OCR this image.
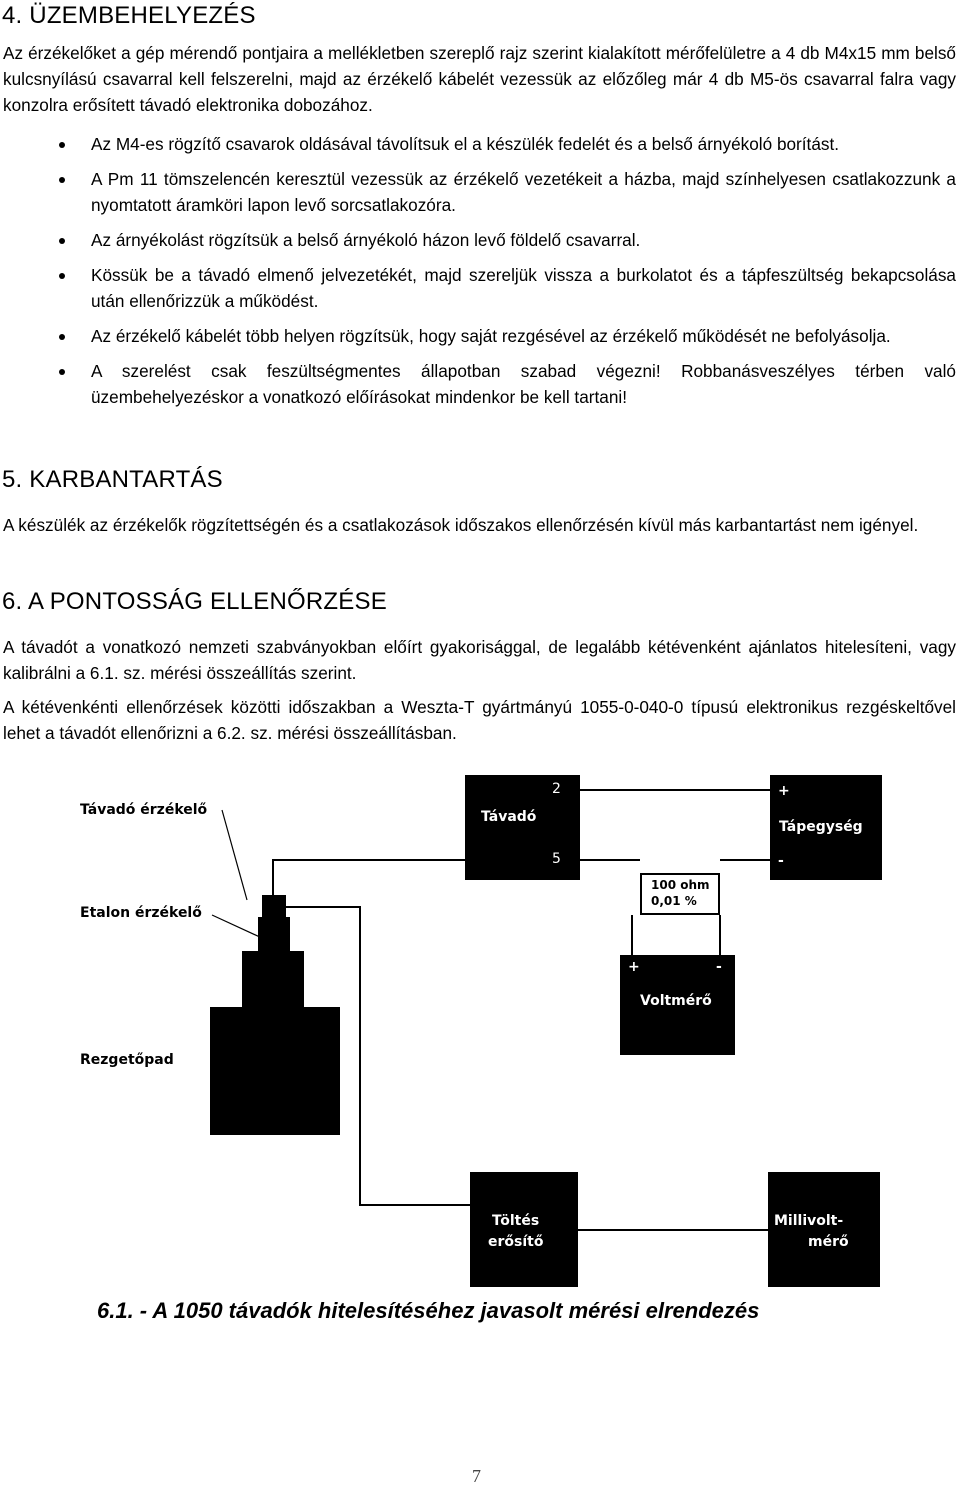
4. ÜZEMBEHELYEZÉS

Az érzékelőket a gép mérendő pontjaira a mellékletben szereplő rajz szerint kialakított mérőfelületre a 4 db M4x15 mm belső kulcsnyílású csavarral kell felszerelni, majd az érzékelő kábelét vezessük az előzőleg már 4 db M5-ös csavarral falra vagy konzolra erősített távadó elektronika dobozához.

Az M4-es rögzítő csavarok oldásával távolítsuk el a készülék fedelét és a belső árnyékoló borítást.
A Pm 11 tömszelencén keresztül vezessük az érzékelő vezetékeit a házba, majd színhelyesen csatlakozzunk a nyomtatott áramköri lapon levő sorcsatlakozóra.
Az árnyékolást rögzítsük a belső árnyékoló házon levő földelő csavarral.
Kössük be a távadó elmenő jelvezetékét, majd szereljük vissza a burkolatot és a tápfeszültség bekapcsolása után ellenőrizzük a működést.
Az érzékelő kábelét több helyen rögzítsük, hogy saját rezgésével az érzékelő működését ne befolyásolja.
A szerelést csak feszültségmentes állapotban szabad végezni! Robbanásveszélyes térben való üzembehelyezéskor a vonatkozó előírásokat mindenkor be kell tartani!
5. KARBANTARTÁS

A készülék az érzékelők rögzítettségén és a csatlakozások időszakos ellenőrzésén kívül más karbantartást nem igényel.

6. A PONTOSSÁG ELLENŐRZÉSE

A távadót a vonatkozó nemzeti szabványokban előírt gyakorisággal, de legalább kétévenként ajánlatos hitelesíteni, vagy kalibrálni a 6.1. sz. mérési összeállítás szerint.

A kétévenkénti ellenőrzések közötti időszakban a Weszta-T gyártmányú 1055-0-040-0 típusú elektronikus rezgéskeltővel lehet a távadót ellenőrizni a 6.2. sz. mérési összeállításban.

Távadó érzékelő
Etalon érzékelő
Rezgetőpad
2
Távadó
5
+
Tápegység
-
100 ohm
0,01 %
+	-
Voltmérő
Töltés
erősítő
Millivolt-
mérő
6.1. - A 1050 távadók hitelesítéséhez javasolt mérési elrendezés
7
